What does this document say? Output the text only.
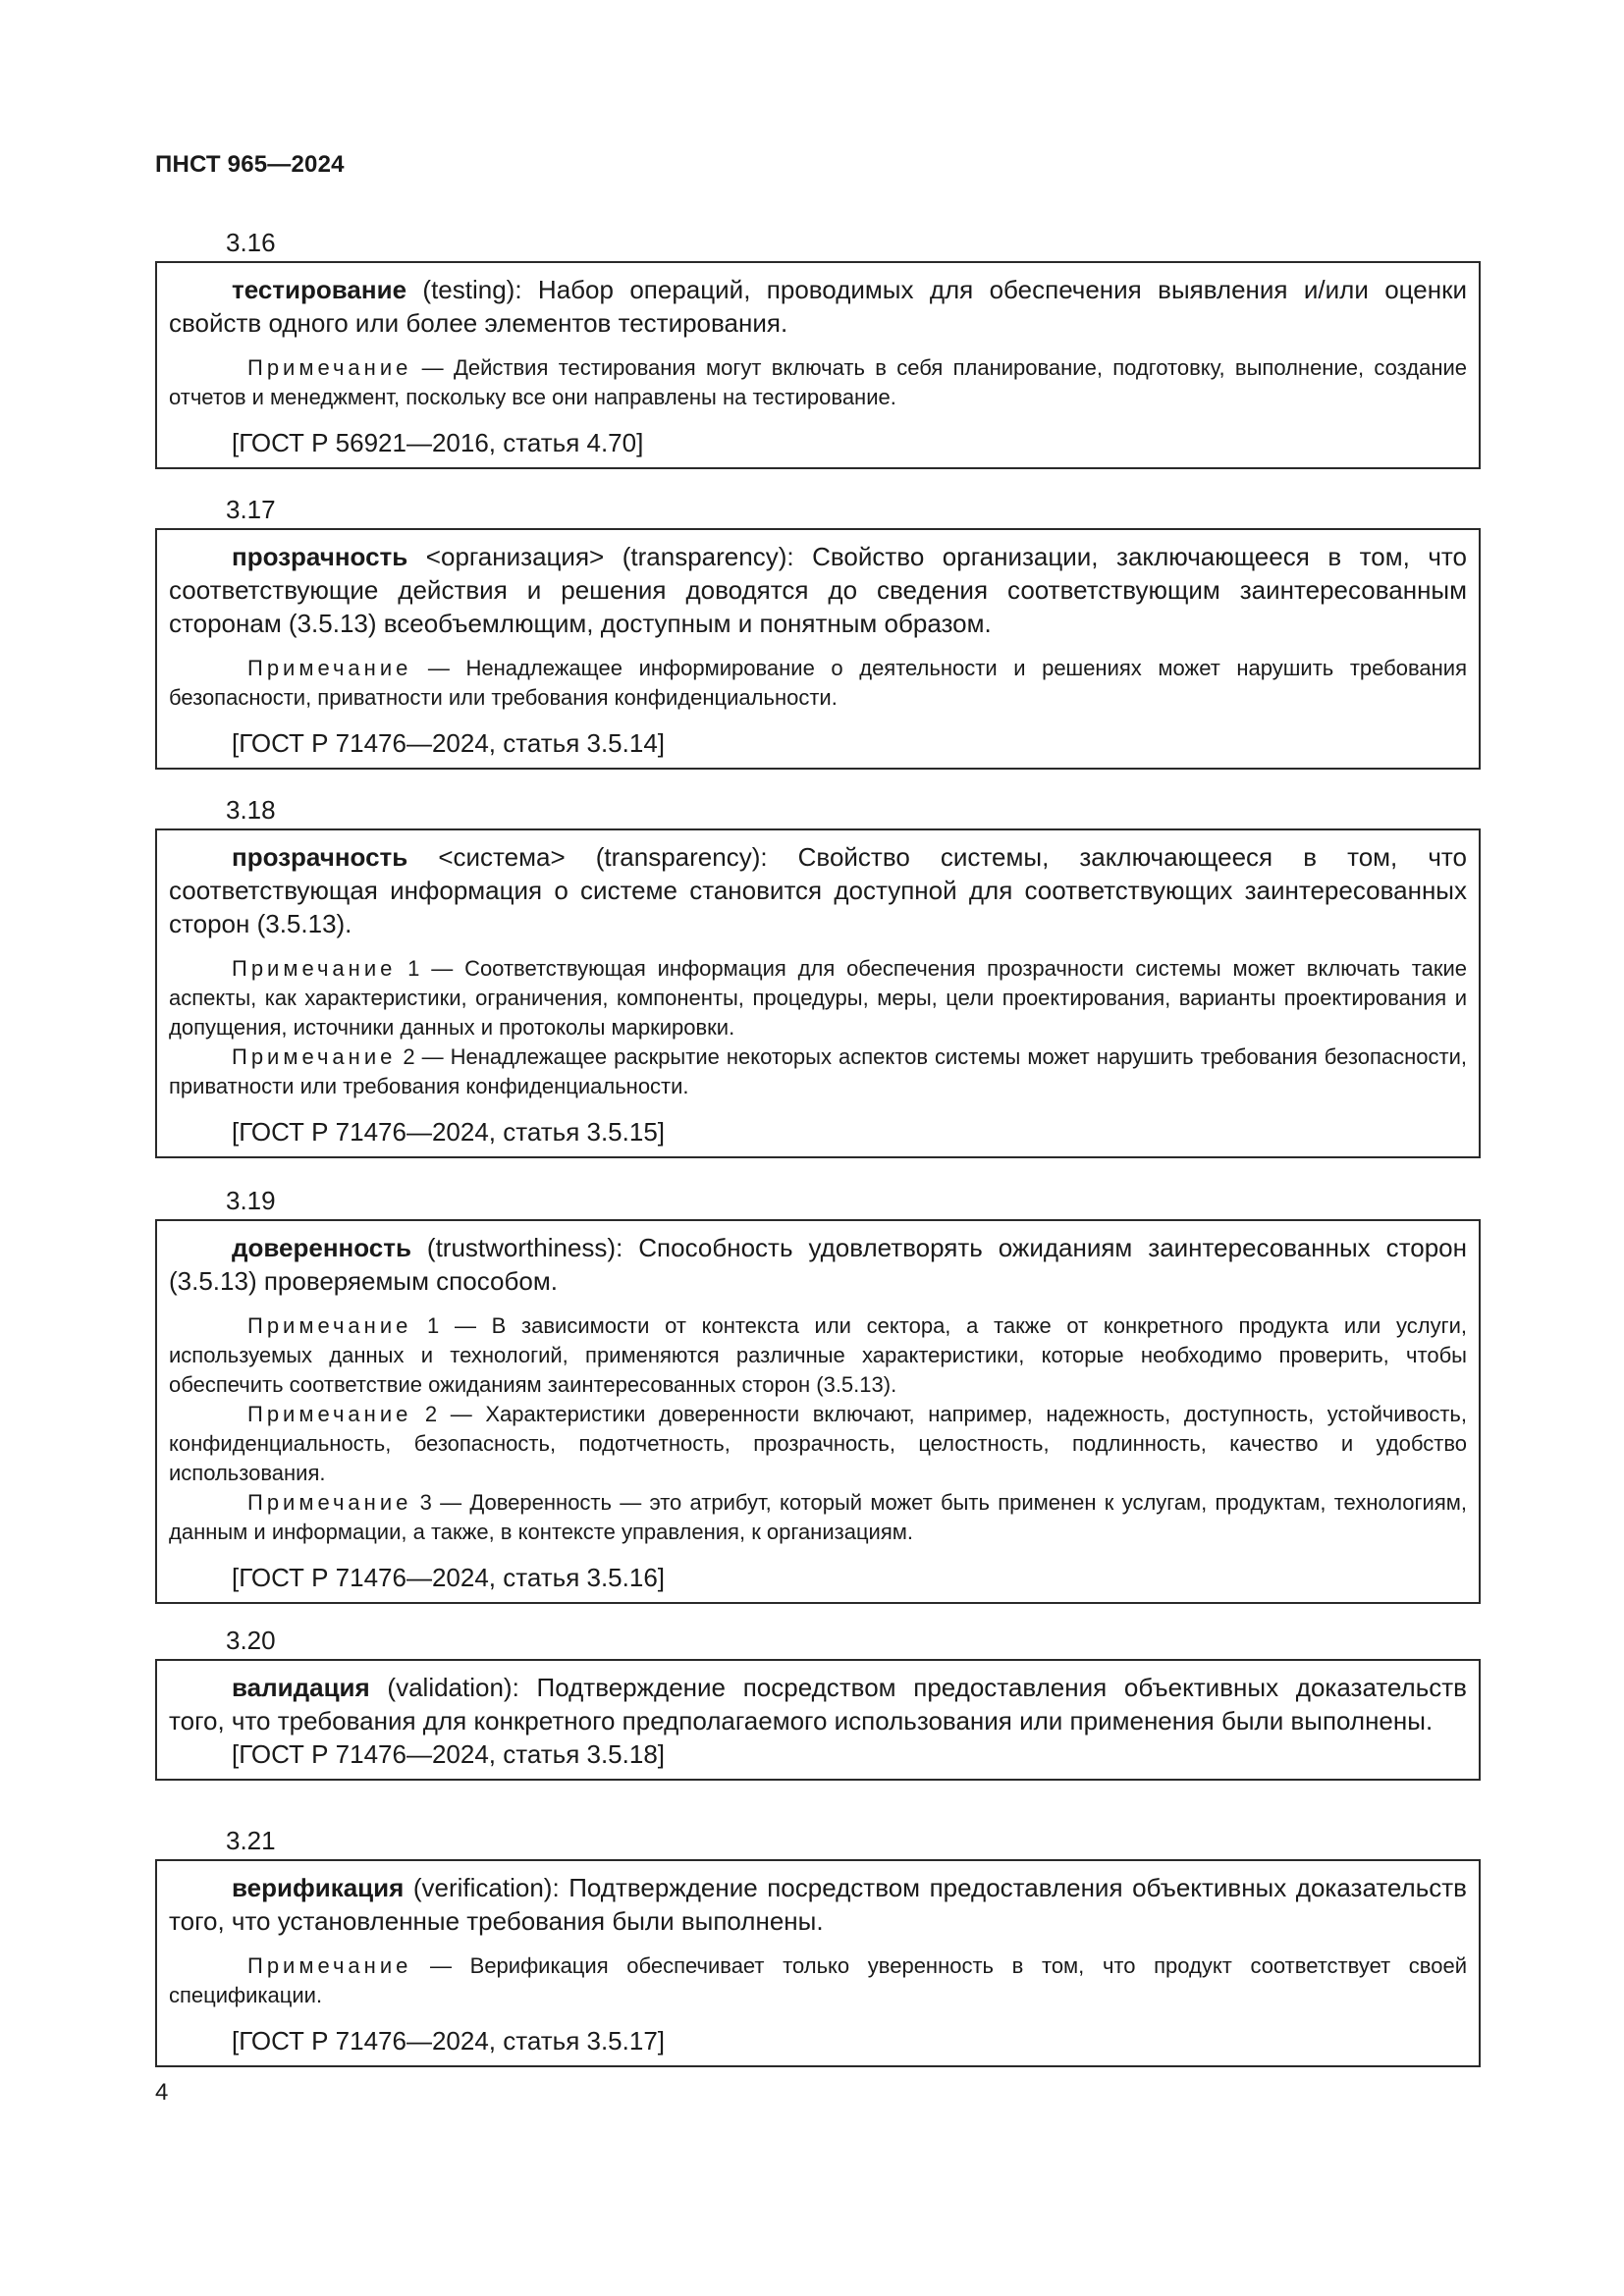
ПНСТ 965—2024
3.16

тестирование (testing): Набор операций, проводимых для обеспечения выявления и/или оценки свойств одного или более элементов тестирования.

Примечание — Действия тестирования могут включать в себя планирование, подготовку, выполнение, создание отчетов и менеджмент, поскольку все они направлены на тестирование.

[ГОСТ Р 56921—2016, статья 4.70]

3.17

прозрачность <организация> (transparency): Свойство организации, заключающееся в том, что соответствующие действия и решения доводятся до сведения соответствующим заинтересованным сторонам (3.5.13) всеобъемлющим, доступным и понятным образом.

Примечание — Ненадлежащее информирование о деятельности и решениях может нарушить требования безопасности, приватности или требования конфиденциальности.

[ГОСТ Р 71476—2024, статья 3.5.14]

3.18

прозрачность <система> (transparency): Свойство системы, заключающееся в том, что соответствующая информация о системе становится доступной для соответствующих заинтересованных сторон (3.5.13).

Примечание 1 — Соответствующая информация для обеспечения прозрачности системы может включать такие аспекты, как характеристики, ограничения, компоненты, процедуры, меры, цели проектирования, варианты проектирования и допущения, источники данных и протоколы маркировки.

Примечание 2 — Ненадлежащее раскрытие некоторых аспектов системы может нарушить требования безопасности, приватности или требования конфиденциальности.

[ГОСТ Р 71476—2024, статья 3.5.15]

3.19

доверенность (trustworthiness): Способность удовлетворять ожиданиям заинтересованных сторон (3.5.13) проверяемым способом.

Примечание 1 — В зависимости от контекста или сектора, а также от конкретного продукта или услуги, используемых данных и технологий, применяются различные характеристики, которые необходимо проверить, чтобы обеспечить соответствие ожиданиям заинтересованных сторон (3.5.13).

Примечание 2 — Характеристики доверенности включают, например, надежность, доступность, устойчивость, конфиденциальность, безопасность, подотчетность, прозрачность, целостность, подлинность, качество и удобство использования.

Примечание 3 — Доверенность — это атрибут, который может быть применен к услугам, продуктам, технологиям, данным и информации, а также, в контексте управления, к организациям.

[ГОСТ Р 71476—2024, статья 3.5.16]

3.20

валидация (validation): Подтверждение посредством предоставления объективных доказательств того, что требования для конкретного предполагаемого использования или применения были выполнены.

[ГОСТ Р 71476—2024, статья 3.5.18]

3.21

верификация (verification): Подтверждение посредством предоставления объективных доказательств того, что установленные требования были выполнены.

Примечание — Верификация обеспечивает только уверенность в том, что продукт соответствует своей спецификации.

[ГОСТ Р 71476—2024, статья 3.5.17]

4
